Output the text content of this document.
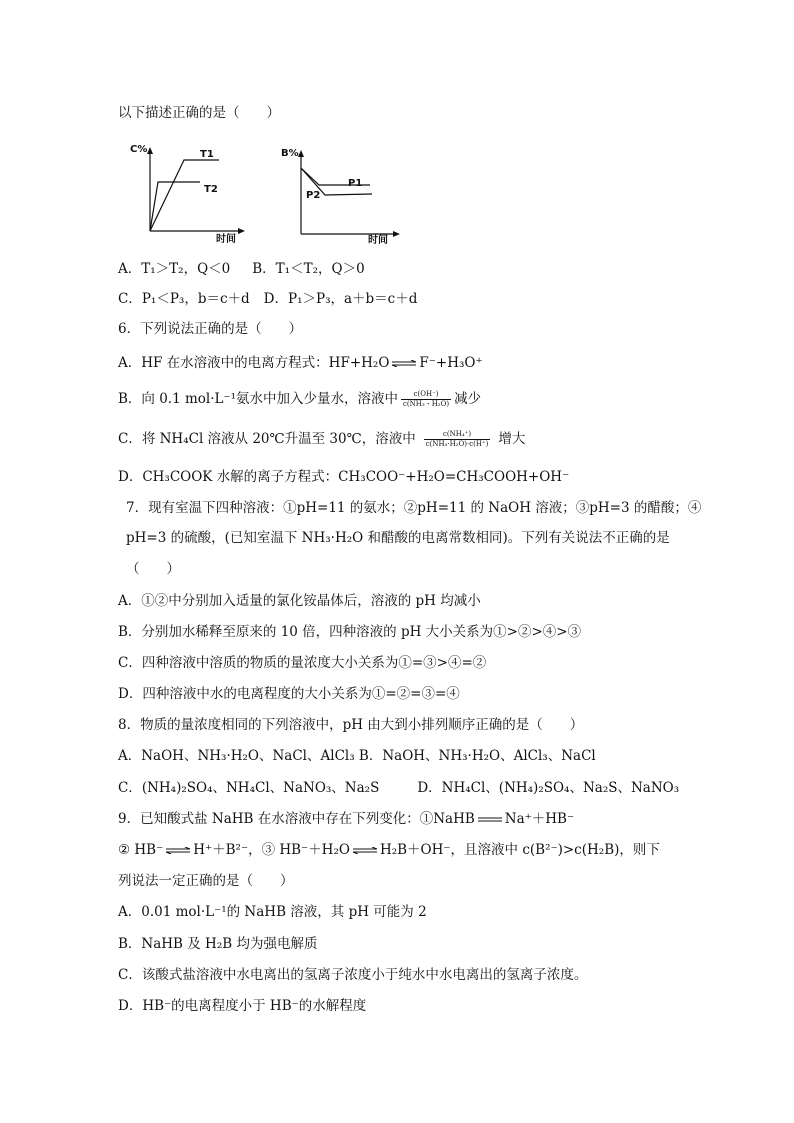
以下描述正确的是（　　）
C%	T1
T2
时间
B%
P1
P2
时间
A．T₁＞T₂，Q＜0 B．T₁＜T₂，Q＞0
C．P₁＜P₃，b＝c＋d D．P₁＞P₃，a＋b＝c＋d
6．下列说法正确的是（　　）
A．HF 在水溶液中的电离方程式：HF+H₂O ⇌ F⁻+H₃O⁺
B．向 0.1 mol·L⁻¹氨水中加入少量水，溶液中 $\frac{c(OH^-)}{\text{c(NH₃・H₂O)}}$ 减少
C．将 NH₄Cl 溶液从 20℃升温至 30℃，溶液中 $\frac{\text{c(NH₄⁺)}}{\text{c(NH₃·H₂O)·c(H⁺)}}$ 增大
D．CH₃COOK 水解的离子方程式：CH₃COO⁻+H₂O=CH₃COOH+OH⁻
7．现有室温下四种溶液：①pH=11 的氨水；②pH=11 的 NaOH 溶液；③pH=3 的醋酸；④
pH=3 的硫酸，(已知室温下 NH₃·H₂O 和醋酸的电离常数相同)。下列有关说法不正确的是
（　　）
A．①②中分别加入适量的氯化铵晶体后，溶液的 pH 均减小
B．分别加水稀释至原来的 10 倍，四种溶液的 pH 大小关系为①>②>④>③
C．四种溶液中溶质的物质的量浓度大小关系为①=③>④=②
D．四种溶液中水的电离程度的大小关系为①=②=③=④
8．物质的量浓度相同的下列溶液中，pH 由大到小排列顺序正确的是（　　）
A．NaOH、NH₃·H₂O、NaCl、AlCl₃ B．NaOH、NH₃·H₂O、AlCl₃、NaCl
C．(NH₄)₂SO₄、NH₄Cl、NaNO₃、Na₂S	D．NH₄Cl、(NH₄)₂SO₄、Na₂S、NaNO₃
9．已知酸式盐 NaHB 在水溶液中存在下列变化：①NaHB Na⁺＋HB⁻
② HB⁻ ⇌ H⁺＋B²⁻，③ HB⁻＋H₂O ⇌ H₂B＋OH⁻，且溶液中 c(B²⁻)>c(H₂B)，则下
列说法一定正确的是（　　）
A．0.01 mol·L⁻¹的 NaHB 溶液，其 pH 可能为 2
B．NaHB 及 H₂B 均为强电解质
C．该酸式盐溶液中水电离出的氢离子浓度小于纯水中水电离出的氢离子浓度。
D．HB⁻的电离程度小于 HB⁻的水解程度
